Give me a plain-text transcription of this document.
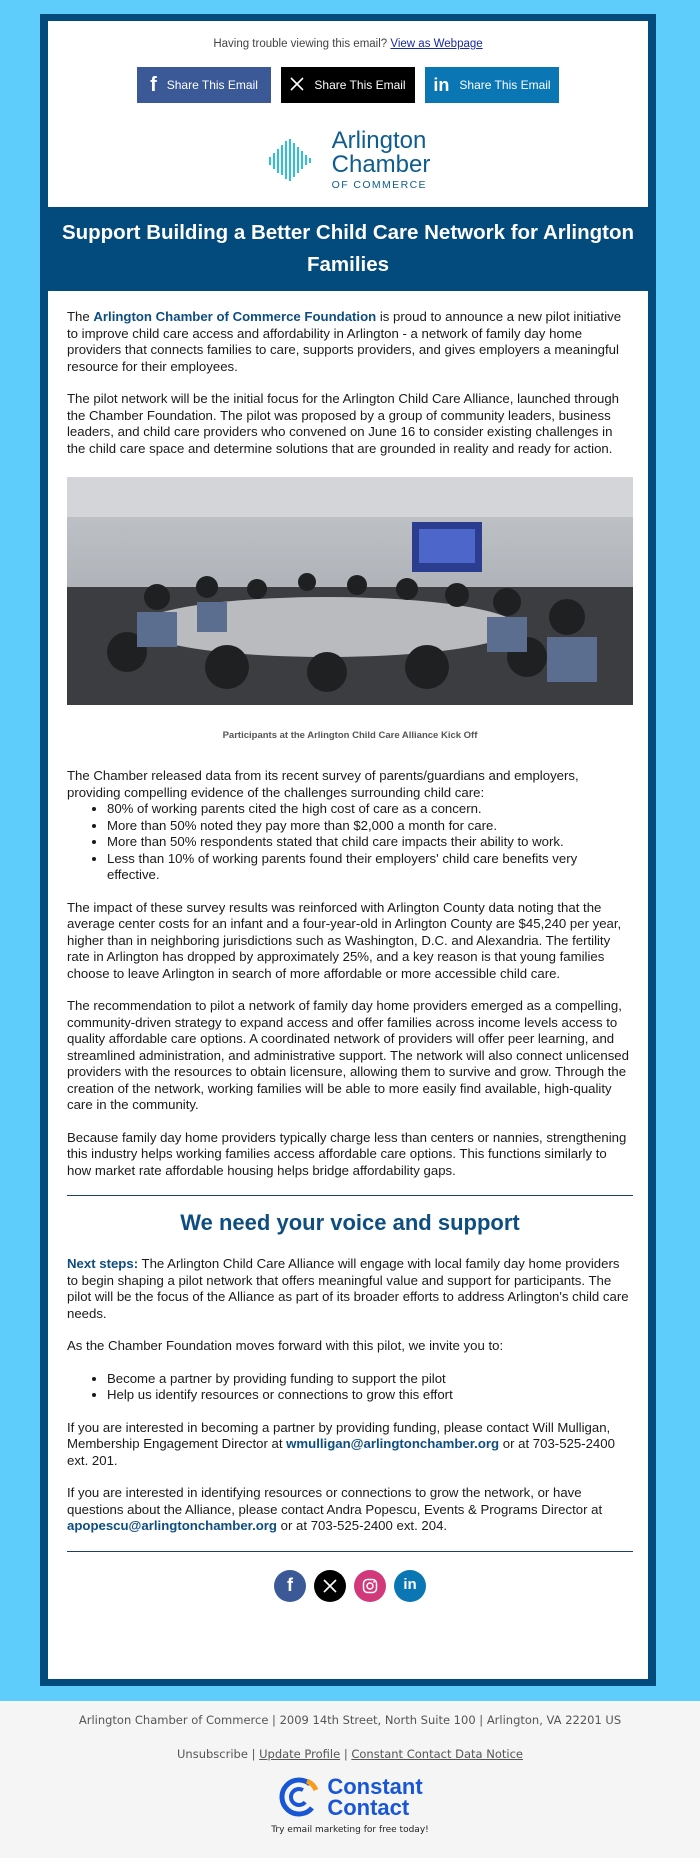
Having trouble viewing this email? View as Webpage
f Share This Email	Share This Email in Share This Email
Arlington
Chamber
OF COMMERCE
Support Building a Better Child Care Network for Arlington Families

The Arlington Chamber of Commerce Foundation is proud to announce a new pilot initiative to improve child care access and affordability in Arlington - a network of family day home providers that connects families to care, supports providers, and gives employers a meaningful resource for their employees.

The pilot network will be the initial focus for the Arlington Child Care Alliance, launched through the Chamber Foundation. The pilot was proposed by a group of community leaders, business leaders, and child care providers who convened on June 16 to consider existing challenges in the child care space and determine solutions that are grounded in reality and ready for action.

Participants at the Arlington Child Care Alliance Kick Off

The Chamber released data from its recent survey of parents/guardians and employers, providing compelling evidence of the challenges surrounding child care:

• 80% of working parents cited the high cost of care as a concern.
• More than 50% noted they pay more than $2,000 a month for care.
• More than 50% respondents stated that child care impacts their ability to work.
• Less than 10% of working parents found their employers' child care benefits very effective.

The impact of these survey results was reinforced with Arlington County data noting that the average center costs for an infant and a four-year-old in Arlington County are $45,240 per year, higher than in neighboring jurisdictions such as Washington, D.C. and Alexandria. The fertility rate in Arlington has dropped by approximately 25%, and a key reason is that young families choose to leave Arlington in search of more affordable or more accessible child care.

The recommendation to pilot a network of family day home providers emerged as a compelling, community-driven strategy to expand access and offer families across income levels access to quality affordable care options. A coordinated network of providers will offer peer learning, and streamlined administration, and administrative support. The network will also connect unlicensed providers with the resources to obtain licensure, allowing them to survive and grow. Through the creation of the network, working families will be able to more easily find available, high-quality care in the community.

Because family day home providers typically charge less than centers or nannies, strengthening this industry helps working families access affordable care options. This functions similarly to how market rate affordable housing helps bridge affordability gaps.

We need your voice and support

Next steps: The Arlington Child Care Alliance will engage with local family day home providers to begin shaping a pilot network that offers meaningful value and support for participants. The pilot will be the focus of the Alliance as part of its broader efforts to address Arlington's child care needs.

As the Chamber Foundation moves forward with this pilot, we invite you to:

• Become a partner by providing funding to support the pilot
• Help us identify resources or connections to grow this effort

If you are interested in becoming a partner by providing funding, please contact Will Mulligan, Membership Engagement Director at wmulligan@arlingtonchamber.org or at 703-525-2400 ext. 201.

If you are interested in identifying resources or connections to grow the network, or have questions about the Alliance, please contact Andra Popescu, Events & Programs Director at apopescu@arlingtonchamber.org or at 703-525-2400 ext. 204.

f	in
Arlington Chamber of Commerce | 2009 14th Street, North Suite 100 | Arlington, VA 22201 US
Unsubscribe | Update Profile | Constant Contact Data Notice
Constant
Contact
Try email marketing for free today!
